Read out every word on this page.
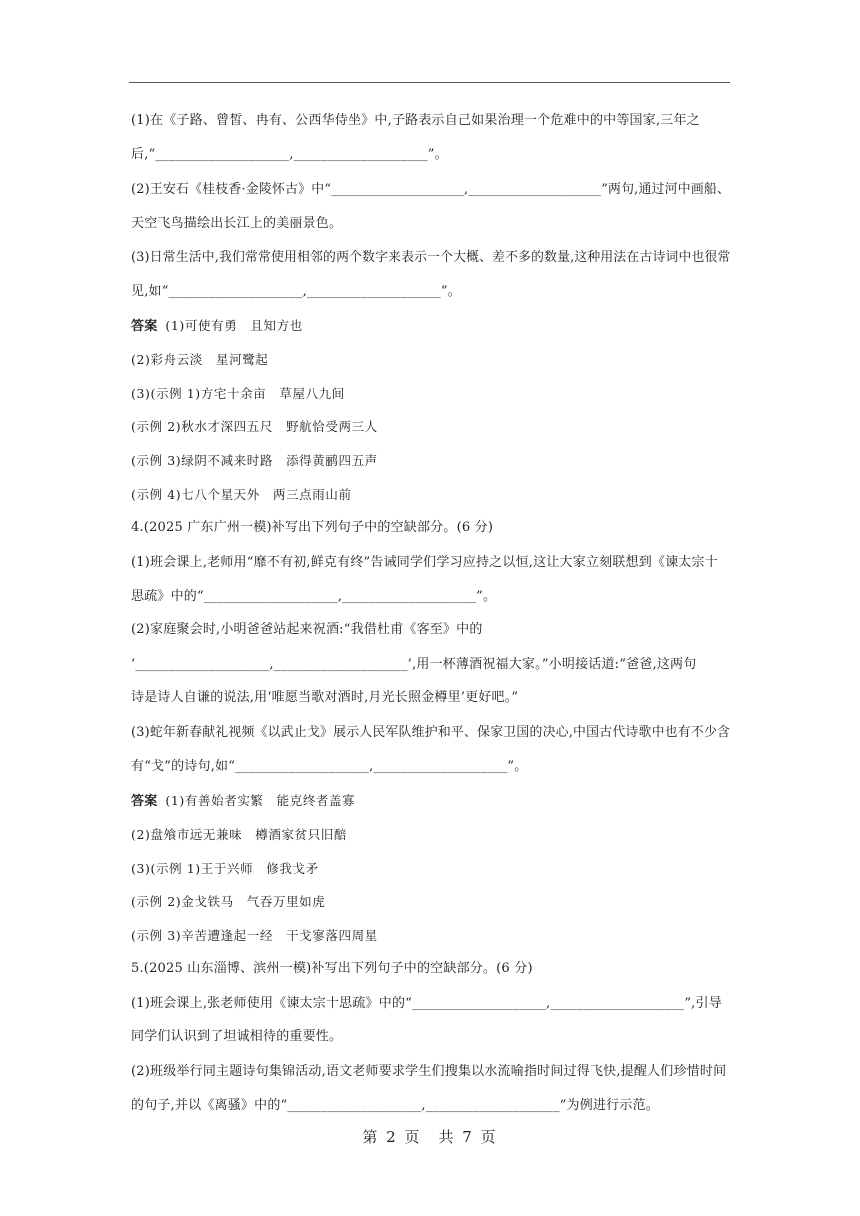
(1)在《子路、曾皙、冉有、公西华侍坐》中,子路表示自己如果治理一个危难中的中等国家,三年之
后,“____________________,____________________”。
(2)王安石《桂枝香·金陵怀古》中“____________________,____________________”两句,通过河中画船、
天空飞鸟描绘出长江上的美丽景色。
(3)日常生活中,我们常常使用相邻的两个数字来表示一个大概、差不多的数量,这种用法在古诗词中也很常
见,如“____________________,____________________”。
答案 (1)可使有勇　且知方也
(2)彩舟云淡　星河鹭起
(3)(示例 1)方宅十余亩　草屋八九间
(示例 2)秋水才深四五尺　野航恰受两三人
(示例 3)绿阴不减来时路　添得黄鹂四五声
(示例 4)七八个星天外　两三点雨山前
4.(2025 广东广州一模)补写出下列句子中的空缺部分。(6 分)
(1)班会课上,老师用“靡不有初,鲜克有终”告诫同学们学习应持之以恒,这让大家立刻联想到《谏太宗十
思疏》中的“____________________,____________________”。
(2)家庭聚会时,小明爸爸站起来祝酒:“我借杜甫《客至》中的
‘____________________,____________________’,用一杯薄酒祝福大家。”小明接话道:“爸爸,这两句
诗是诗人自谦的说法,用‘唯愿当歌对酒时,月光长照金樽里’更好吧。”
(3)蛇年新春献礼视频《以武止戈》展示人民军队维护和平、保家卫国的决心,中国古代诗歌中也有不少含
有“戈”的诗句,如“____________________,____________________”。
答案 (1)有善始者实繁　能克终者盖寡
(2)盘飧市远无兼味　樽酒家贫只旧醅
(3)(示例 1)王于兴师　修我戈矛
(示例 2)金戈铁马　气吞万里如虎
(示例 3)辛苦遭逢起一经　干戈寥落四周星
5.(2025 山东淄博、滨州一模)补写出下列句子中的空缺部分。(6 分)
(1)班会课上,张老师使用《谏太宗十思疏》中的“____________________,____________________”,引导
同学们认识到了坦诚相待的重要性。
(2)班级举行同主题诗句集锦活动,语文老师要求学生们搜集以水流喻指时间过得飞快,提醒人们珍惜时间
的句子,并以《离骚》中的“____________________,____________________”为例进行示范。
第 2 页　共 7 页
